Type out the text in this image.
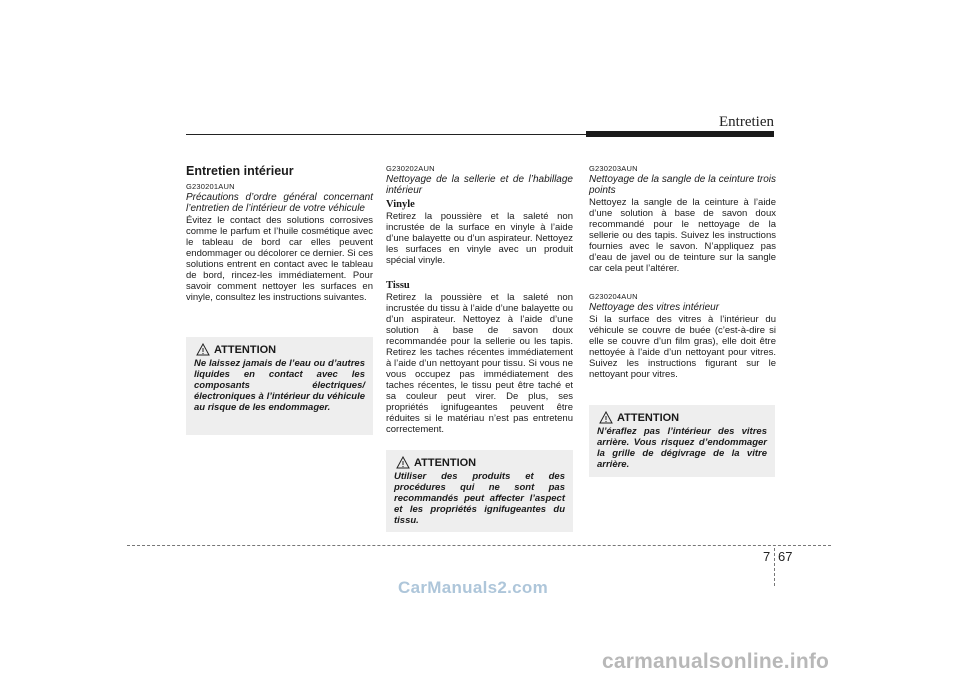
Entretien
Entretien intérieur
G230201AUN

Précautions d’ordre général concernant l’entretien de l’intérieur de votre véhicule

Évitez le contact des solutions corrosives comme le parfum et l’huile cosmétique avec le tableau de bord car elles peuvent endommager ou décolorer ce dernier. Si ces solutions entrent en contact avec le tableau de bord, rincez-les immédiatement. Pour savoir comment nettoyer les surfaces en vinyle, consultez les instructions suivantes.

ATTENTION

Ne laissez jamais de l’eau ou d’autres liquides en contact avec les composants électriques/électroniques à l’intérieur du véhicule au risque de les endommager.

G230202AUN

Nettoyage de la sellerie et de l’habillage intérieur

Vinyle

Retirez la poussière et la saleté non incrustée de la surface en vinyle à l’aide d’une balayette ou d’un aspirateur. Nettoyez les surfaces en vinyle avec un produit spécial vinyle.

Tissu

Retirez la poussière et la saleté non incrustée du tissu à l’aide d’une balayette ou d’un aspirateur. Nettoyez à l’aide d’une solution à base de savon doux recommandée pour la sellerie ou les tapis. Retirez les taches récentes immédiatement à l’aide d’un nettoyant pour tissu. Si vous ne vous occupez pas immédiatement des taches récentes, le tissu peut être taché et sa couleur peut virer. De plus, ses propriétés ignifugeantes peuvent être réduites si le matériau n’est pas entretenu correctement.

ATTENTION

Utiliser des produits et des procédures qui ne sont pas recommandés peut affecter l’aspect et les propriétés ignifugeantes du tissu.

G230203AUN

Nettoyage de la sangle de la ceinture trois points

Nettoyez la sangle de la ceinture à l’aide d’une solution à base de savon doux recommandé pour le nettoyage de la sellerie ou des tapis. Suivez les instructions fournies avec le savon. N’appliquez pas d’eau de javel ou de teinture sur la sangle car cela peut l’altérer.

G230204AUN

Nettoyage des vitres intérieur

Si la surface des vitres à l’intérieur du véhicule se couvre de buée (c’est-à-dire si elle se couvre d’un film gras), elle doit être nettoyée à l’aide d’un nettoyant pour vitres. Suivez les instructions figurant sur le nettoyant pour vitres.

ATTENTION

N’éraflez pas l’intérieur des vitres arrière. Vous risquez d’endommager la grille de dégivrage de la vitre arrière.

7 67
CarManuals2.com
carmanualsonline.info
